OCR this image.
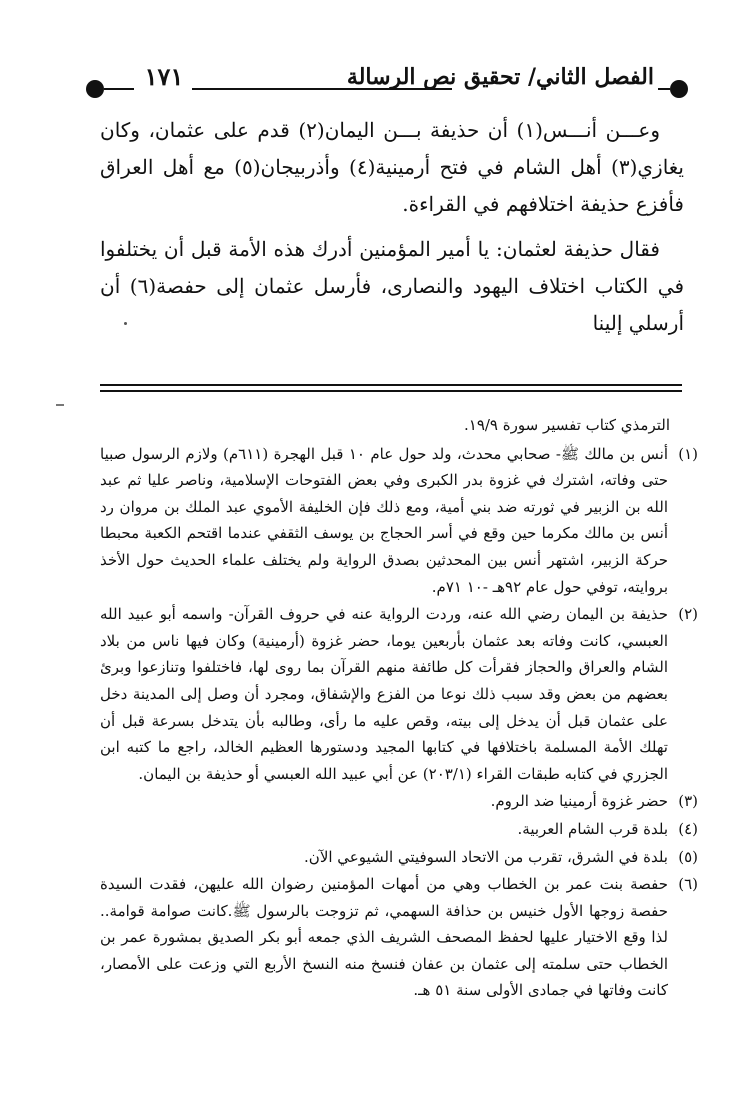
١٧١	الفصل الثاني/ تحقيق نص الرسالة

وعـــن أنـــس(١) أن حذيفة بـــن اليمان(٢) قدم على عثمان، وكان يغازي(٣) أهل الشام في فتح أرمينية(٤) وأذربيجان(٥) مع أهل العراق فأفزع حذيفة اختلافهم في القراءة.

فقال حذيفة لعثمان: يا أمير المؤمنين أدرك هذه الأمة قبل أن يختلفوا في الكتاب اختلاف اليهود والنصارى، فأرسل عثمان إلى حفصة(٦) أن أرسلي إلينا

الترمذي كتاب تفسير سورة ١٩/٩.

(١)
أنس بن مالك ﷺ- صحابي محدث، ولد حول عام ١٠ قبل الهجرة (٦١١م) ولازم الرسول صبيا حتى وفاته، اشترك في غزوة بدر الكبرى وفي بعض الفتوحات الإسلامية، وناصر عليا ثم عبد الله بن الزبير في ثورته ضد بني أمية، ومع ذلك فإن الخليفة الأموي عبد الملك بن مروان رد أنس بن مالك مكرما حين وقع في أسر الحجاج بن يوسف الثقفي عندما اقتحم الكعبة محبطا حركة الزبير، اشتهر أنس بين المحدثين بصدق الرواية ولم يختلف علماء الحديث حول الأخذ بروايته، توفي حول عام ٩٢هـ -١٠ ٧١م.
(٢)
حذيفة بن اليمان رضي الله عنه، وردت الرواية عنه في حروف القرآن- واسمه أبو عبيد الله العبسي، كانت وفاته بعد عثمان بأربعين يوما، حضر غزوة (أرمينية) وكان فيها ناس من بلاد الشام والعراق والحجاز فقرأت كل طائفة منهم القرآن بما روى لها، فاختلفوا وتنازعوا وبرئ بعضهم من بعض وقد سبب ذلك نوعا من الفزع والإشفاق، ومجرد أن وصل إلى المدينة دخل على عثمان قبل أن يدخل إلى بيته، وقص عليه ما رأى، وطالبه بأن يتدخل بسرعة قبل أن تهلك الأمة المسلمة باختلافها في كتابها المجيد ودستورها العظيم الخالد، راجع ما كتبه ابن الجزري في كتابه طبقات القراء (٢٠٣/١) عن أبي عبيد الله العبسي أو حذيفة بن اليمان.
(٣)
حضر غزوة أرمينيا ضد الروم.
(٤)
بلدة قرب الشام العربية.
(٥)
بلدة في الشرق، تقرب من الاتحاد السوفيتي الشيوعي الآن.
(٦)
حفصة بنت عمر بن الخطاب وهي من أمهات المؤمنين رضوان الله عليهن، فقدت السيدة حفصة زوجها الأول خنيس بن حذافة السهمي، ثم تزوجت بالرسول ﷺ.كانت صوامة قوامة.. لذا وقع الاختيار عليها لحفظ المصحف الشريف الذي جمعه أبو بكر الصديق بمشورة عمر بن الخطاب حتى سلمته إلى عثمان بن عفان فنسخ منه النسخ الأربع التي وزعت على الأمصار، كانت وفاتها في جمادى الأولى سنة ٥١ هـ.
